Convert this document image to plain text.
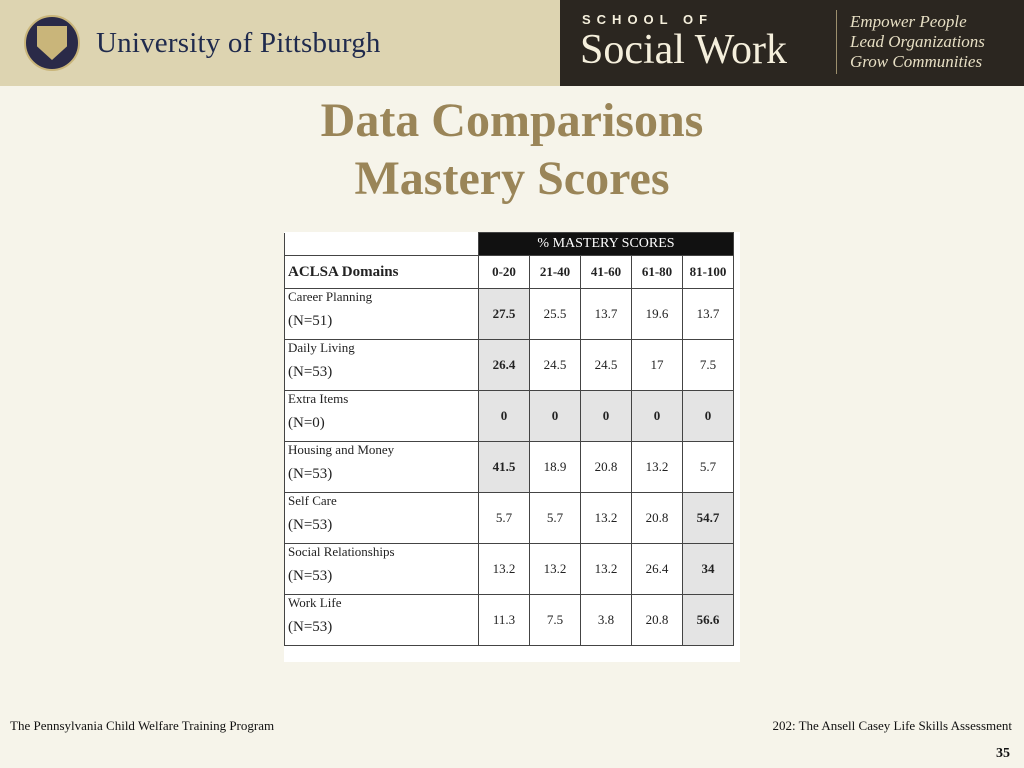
University of Pittsburgh
SCHOOL OF
Social Work
Empower People
Lead Organizations
Grow Communities
Data Comparisons
Mastery Scores
	% MASTERY SCORES				
ACLSA Domains	0-20	21-40	41-60	61-80	81-100
Career Planning
(N=51)	27.5	25.5	13.7	19.6	13.7
Daily Living
(N=53)	26.4	24.5	24.5	17	7.5
Extra Items
(N=0)	0	0	0	0	0
Housing and Money
(N=53)	41.5	18.9	20.8	13.2	5.7
Self Care
(N=53)	5.7	5.7	13.2	20.8	54.7
Social Relationships
(N=53)	13.2	13.2	13.2	26.4	34
Work Life
(N=53)	11.3	7.5	3.8	20.8	56.6
The Pennsylvania Child Welfare Training Program	202: The Ansell Casey Life Skills Assessment
35
